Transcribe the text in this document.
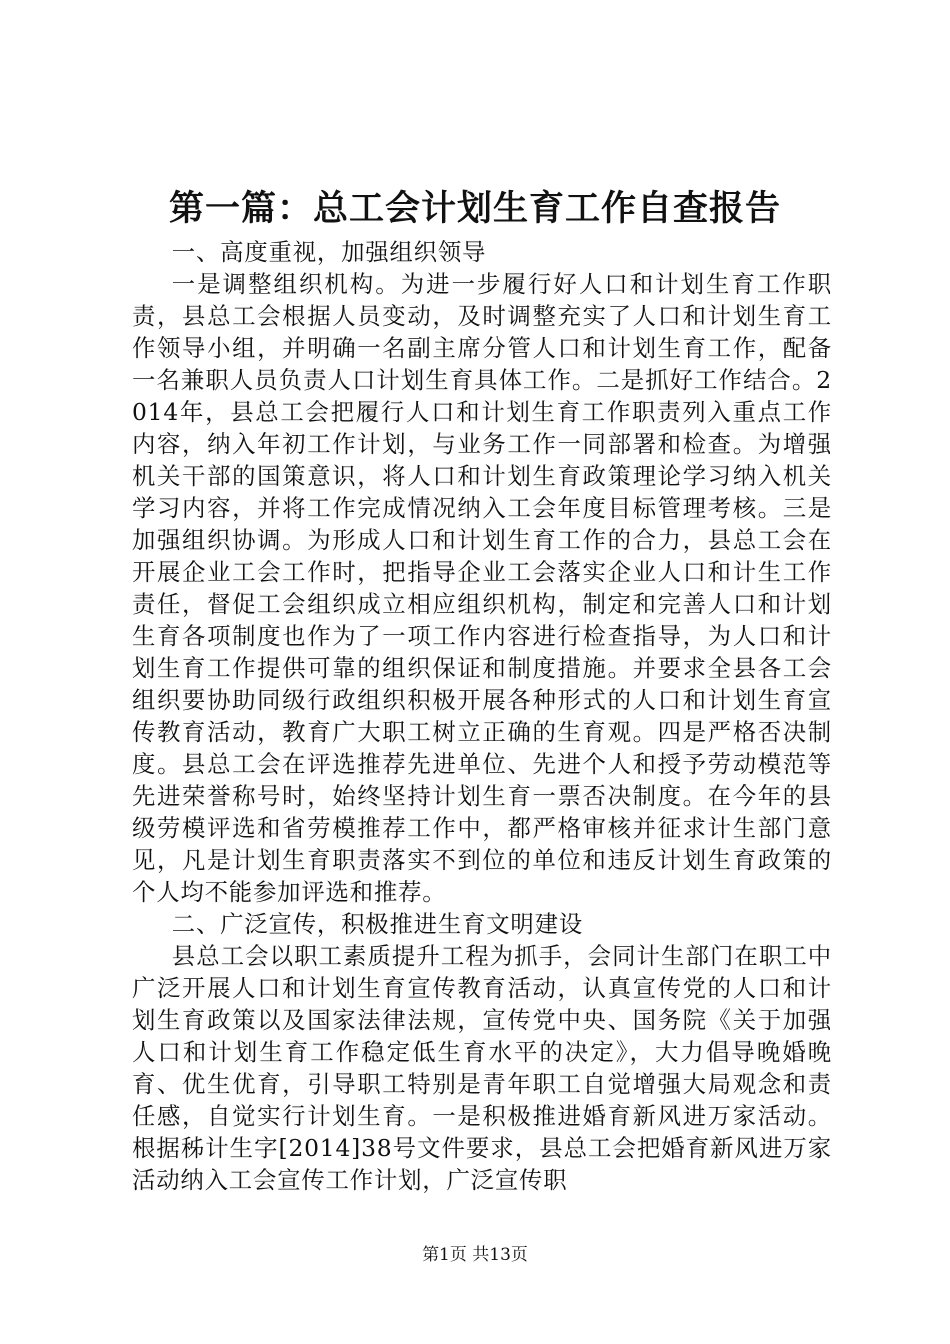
第一篇：总工会计划生育工作自查报告

一、高度重视，加强组织领导

一是调整组织机构。为进一步履行好人口和计划生育工作职责，县总工会根据人员变动，及时调整充实了人口和计划生育工作领导小组，并明确一名副主席分管人口和计划生育工作，配备一名兼职人员负责人口计划生育具体工作。二是抓好工作结合。2014年，县总工会把履行人口和计划生育工作职责列入重点工作内容，纳入年初工作计划，与业务工作一同部署和检查。为增强机关干部的国策意识，将人口和计划生育政策理论学习纳入机关学习内容，并将工作完成情况纳入工会年度目标管理考核。三是加强组织协调。为形成人口和计划生育工作的合力，县总工会在开展企业工会工作时，把指导企业工会落实企业人口和计生工作责任，督促工会组织成立相应组织机构，制定和完善人口和计划生育各项制度也作为了一项工作内容进行检查指导，为人口和计划生育工作提供可靠的组织保证和制度措施。并要求全县各工会组织要协助同级行政组织积极开展各种形式的人口和计划生育宣传教育活动，教育广大职工树立正确的生育观。四是严格否决制度。县总工会在评选推荐先进单位、先进个人和授予劳动模范等先进荣誉称号时，始终坚持计划生育一票否决制度。在今年的县级劳模评选和省劳模推荐工作中，都严格审核并征求计生部门意见，凡是计划生育职责落实不到位的单位和违反计划生育政策的个人均不能参加评选和推荐。

二、广泛宣传，积极推进生育文明建设

县总工会以职工素质提升工程为抓手，会同计生部门在职工中广泛开展人口和计划生育宣传教育活动，认真宣传党的人口和计划生育政策以及国家法律法规，宣传党中央、国务院《关于加强人口和计划生育工作稳定低生育水平的决定》，大力倡导晚婚晚育、优生优育，引导职工特别是青年职工自觉增强大局观念和责任感，自觉实行计划生育。一是积极推进婚育新风进万家活动。根据秭计生字[2014]38号文件要求，县总工会把婚育新风进万家活动纳入工会宣传工作计划，广泛宣传职

第1页 共13页
